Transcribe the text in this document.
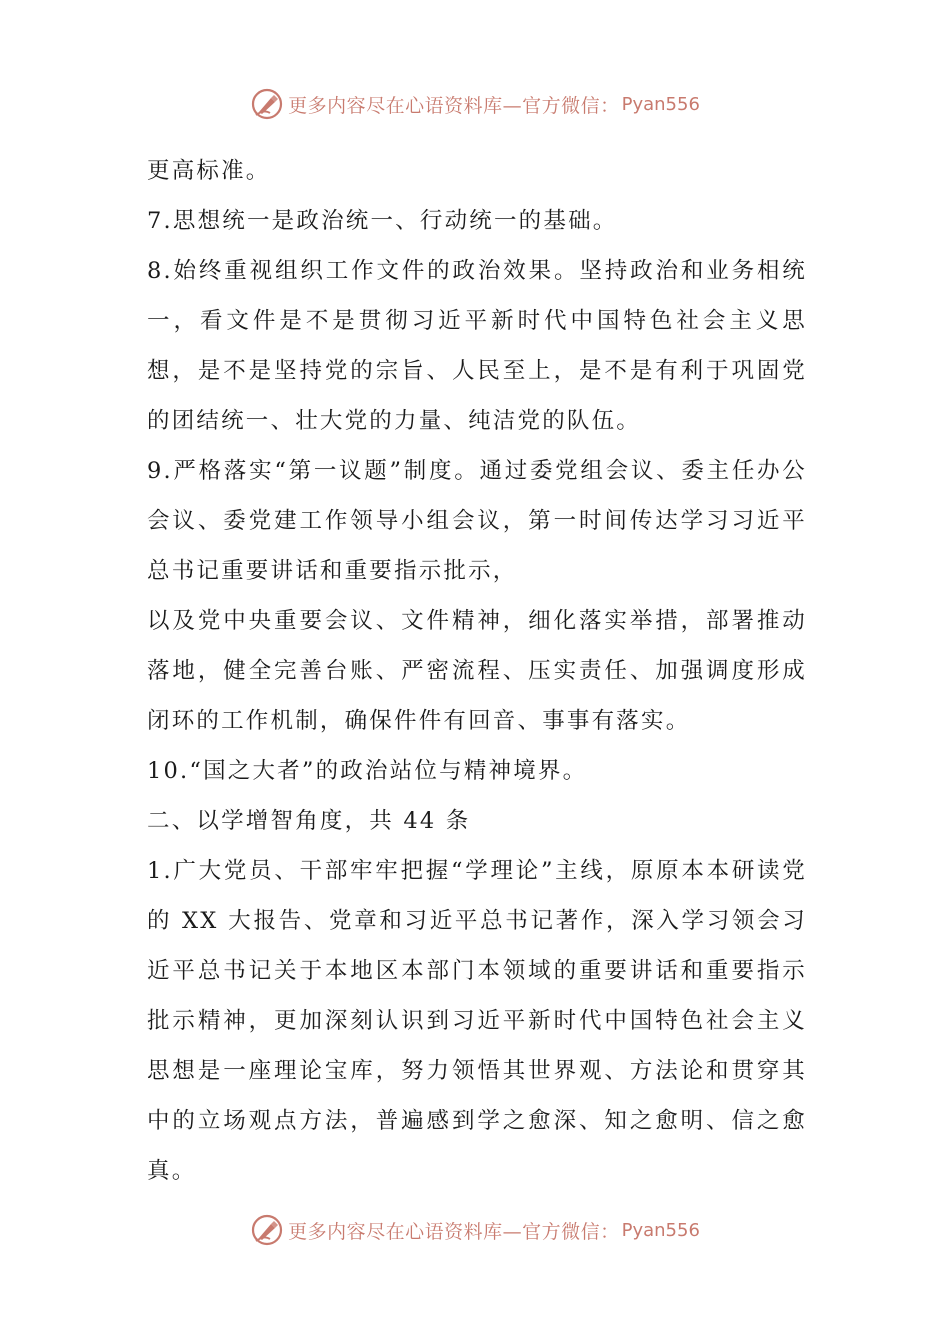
更多内容尽在心语资料库—官方微信： Pyan556

更高标准。

7.思想统一是政治统一、行动统一的基础。

8.始终重视组织工作文件的政治效果。坚持政治和业务相统一，看文件是不是贯彻习近平新时代中国特色社会主义思想，是不是坚持党的宗旨、人民至上，是不是有利于巩固党的团结统一、壮大党的力量、纯洁党的队伍。

9.严格落实“第一议题”制度。通过委党组会议、委主任办公会议、委党建工作领导小组会议，第一时间传达学习习近平总书记重要讲话和重要指示批示，

以及党中央重要会议、文件精神，细化落实举措，部署推动落地，健全完善台账、严密流程、压实责任、加强调度形成闭环的工作机制，确保件件有回音、事事有落实。

10.“国之大者”的政治站位与精神境界。

二、以学增智角度，共 44 条

1.广大党员、干部牢牢把握“学理论”主线，原原本本研读党的 XX 大报告、党章和习近平总书记著作，深入学习领会习近平总书记关于本地区本部门本领域的重要讲话和重要指示批示精神，更加深刻认识到习近平新时代中国特色社会主义思想是一座理论宝库，努力领悟其世界观、方法论和贯穿其中的立场观点方法，普遍感到学之愈深、知之愈明、信之愈真。

更多内容尽在心语资料库—官方微信： Pyan556
